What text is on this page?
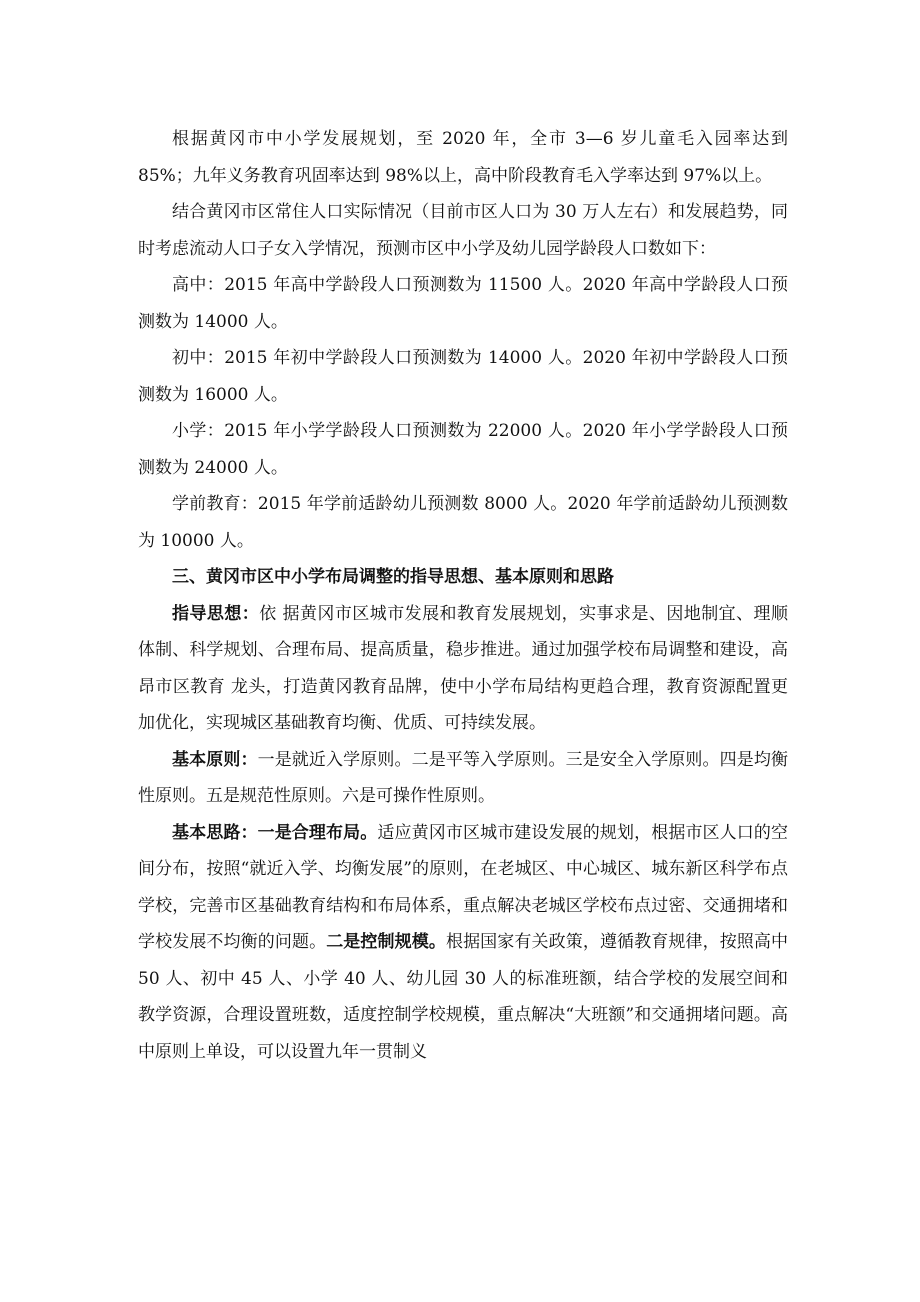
根据黄冈市中小学发展规划，至 2020 年，全市 3—6 岁儿童毛入园率达到 85%；九年义务教育巩固率达到 98%以上，高中阶段教育毛入学率达到 97%以上。

结合黄冈市区常住人口实际情况（目前市区人口为 30 万人左右）和发展趋势，同时考虑流动人口子女入学情况，预测市区中小学及幼儿园学龄段人口数如下：

高中：2015 年高中学龄段人口预测数为 11500 人。2020 年高中学龄段人口预测数为 14000 人。

初中：2015 年初中学龄段人口预测数为 14000 人。2020 年初中学龄段人口预测数为 16000 人。

小学：2015 年小学学龄段人口预测数为 22000 人。2020 年小学学龄段人口预测数为 24000 人。

学前教育：2015 年学前适龄幼儿预测数 8000 人。2020 年学前适龄幼儿预测数为 10000 人。

三、黄冈市区中小学布局调整的指导思想、基本原则和思路

指导思想：依 据黄冈市区城市发展和教育发展规划，实事求是、因地制宜、理顺体制、科学规划、合理布局、提高质量，稳步推进。通过加强学校布局调整和建设，高昂市区教育 龙头，打造黄冈教育品牌，使中小学布局结构更趋合理，教育资源配置更加优化，实现城区基础教育均衡、优质、可持续发展。

基本原则：一是就近入学原则。二是平等入学原则。三是安全入学原则。四是均衡性原则。五是规范性原则。六是可操作性原则。

基本思路：一是合理布局。适应黄冈市区城市建设发展的规划，根据市区人口的空间分布，按照“就近入学、均衡发展”的原则，在老城区、中心城区、城东新区科学布点学校，完善市区基础教育结构和布局体系，重点解决老城区学校布点过密、交通拥堵和学校发展不均衡的问题。二是控制规模。根据国家有关政策，遵循教育规律，按照高中 50 人、初中 45 人、小学 40 人、幼儿园 30 人的标准班额，结合学校的发展空间和教学资源，合理设置班数，适度控制学校规模，重点解决“大班额”和交通拥堵问题。高中原则上单设，可以设置九年一贯制义
